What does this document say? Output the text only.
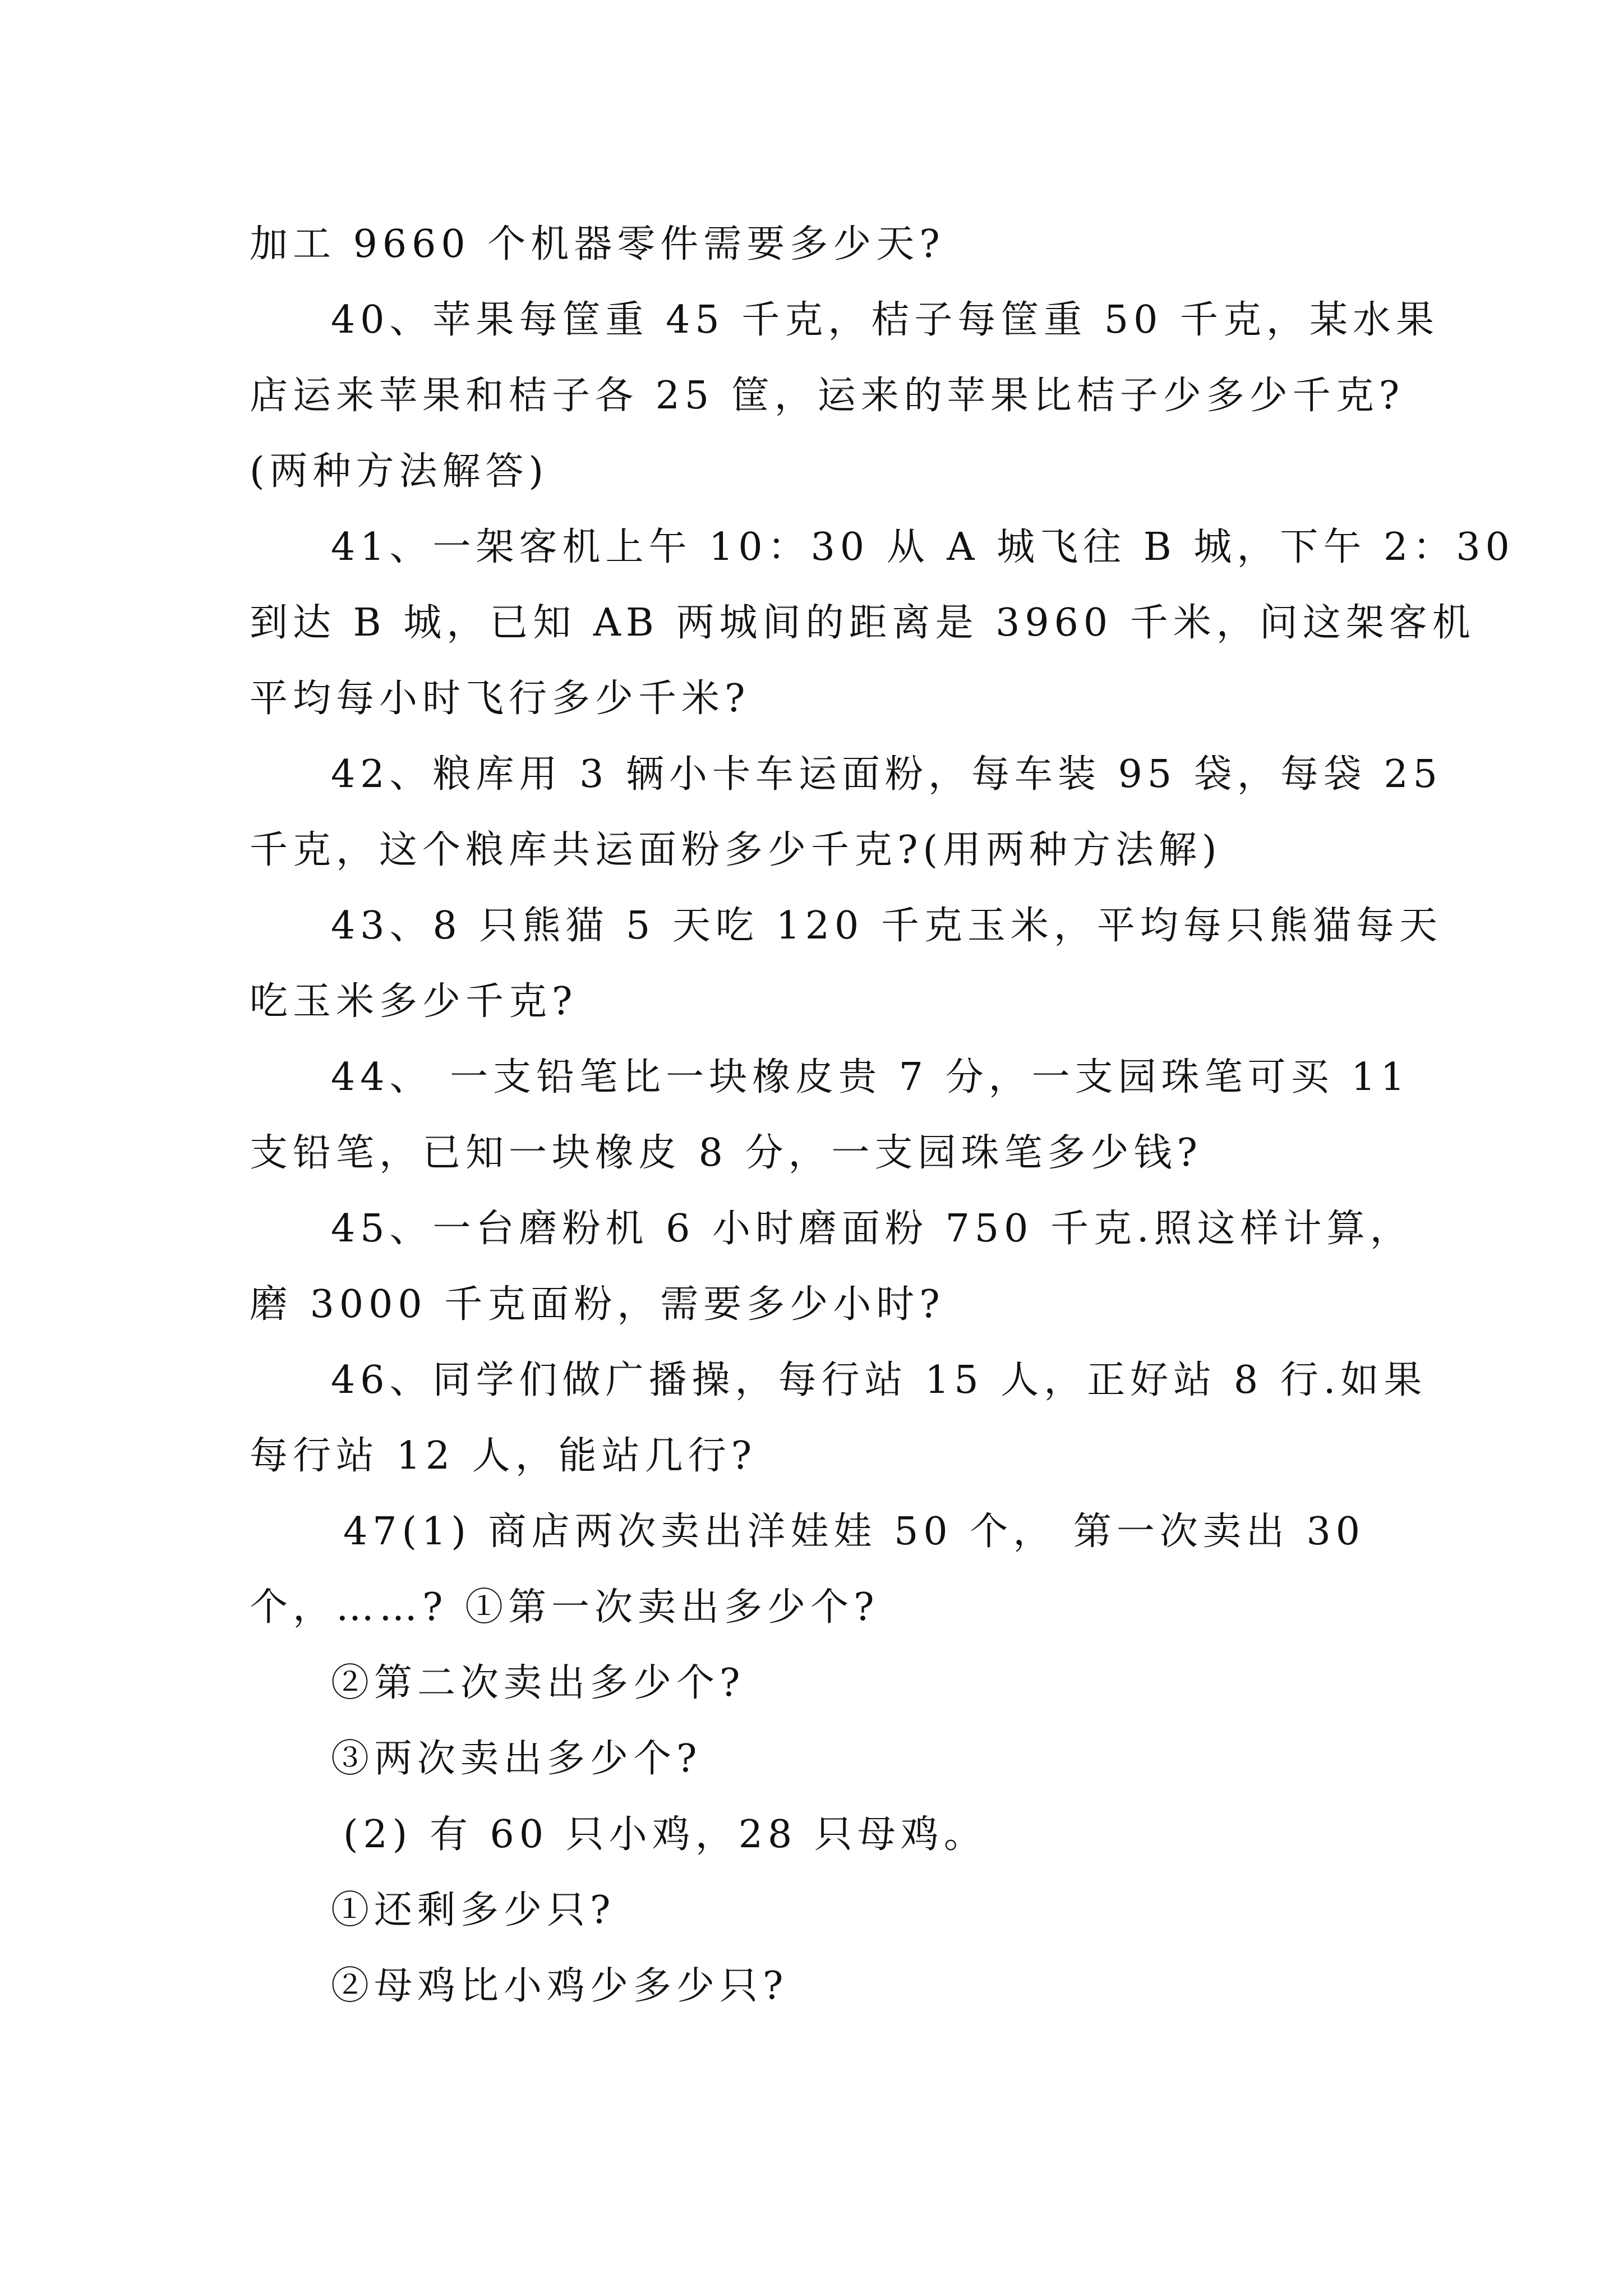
加工 9660 个机器零件需要多少天?
40、苹果每筐重 45 千克，桔子每筐重 50 千克，某水果
店运来苹果和桔子各 25 筐，运来的苹果比桔子少多少千克?
(两种方法解答)
41、一架客机上午 10：30 从 A 城飞往 B 城，下午 2：30
到达 B 城，已知 AB 两城间的距离是 3960 千米，问这架客机
平均每小时飞行多少千米?
42、粮库用 3 辆小卡车运面粉，每车装 95 袋，每袋 25
千克，这个粮库共运面粉多少千克?(用两种方法解)
43、8 只熊猫 5 天吃 120 千克玉米，平均每只熊猫每天
吃玉米多少千克?
44、 一支铅笔比一块橡皮贵 7 分，一支园珠笔可买 11
支铅笔，已知一块橡皮 8 分，一支园珠笔多少钱?
45、一台磨粉机 6 小时磨面粉 750 千克.照这样计算，
磨 3000 千克面粉，需要多少小时?
46、同学们做广播操，每行站 15 人，正好站 8 行.如果
每行站 12 人，能站几行?
47(1) 商店两次卖出洋娃娃 50 个， 第一次卖出 30
个，……? ①第一次卖出多少个?
②第二次卖出多少个?
③两次卖出多少个?
(2) 有 60 只小鸡，28 只母鸡。
①还剩多少只?
②母鸡比小鸡少多少只?
